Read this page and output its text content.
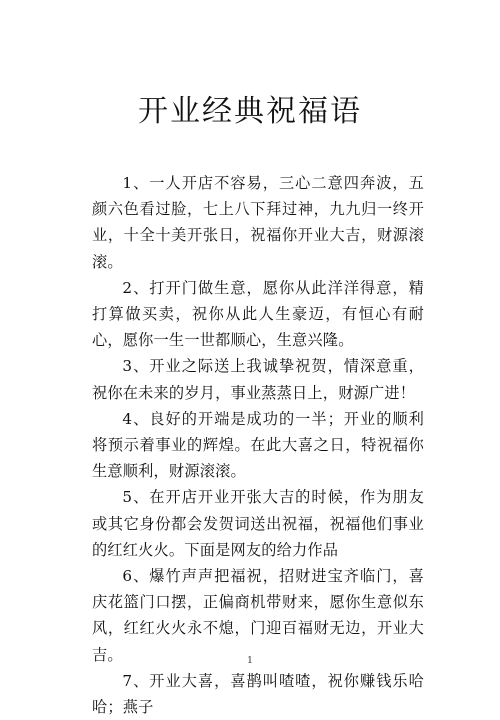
开业经典祝福语

1、一人开店不容易，三心二意四奔波，五颜六色看过脸，七上八下拜过神，九九归一终开业，十全十美开张日，祝福你开业大吉，财源滚滚。

2、打开门做生意，愿你从此洋洋得意，精打算做买卖，祝你从此人生豪迈，有恒心有耐心，愿你一生一世都顺心，生意兴隆。

3、开业之际送上我诚挚祝贺，情深意重，祝你在未来的岁月，事业蒸蒸日上，财源广进！

4、良好的开端是成功的一半；开业的顺利将预示着事业的辉煌。在此大喜之日，特祝福你生意顺利，财源滚滚。

5、在开店开业开张大吉的时候，作为朋友或其它身份都会发贺词送出祝福，祝福他们事业的红红火火。下面是网友的给力作品

6、爆竹声声把福祝，招财进宝齐临门，喜庆花篮门口摆，正偏商机带财来，愿你生意似东风，红红火火永不熄，门迎百福财无边，开业大吉。

7、开业大喜，喜鹊叫喳喳，祝你赚钱乐哈哈；燕子

1
